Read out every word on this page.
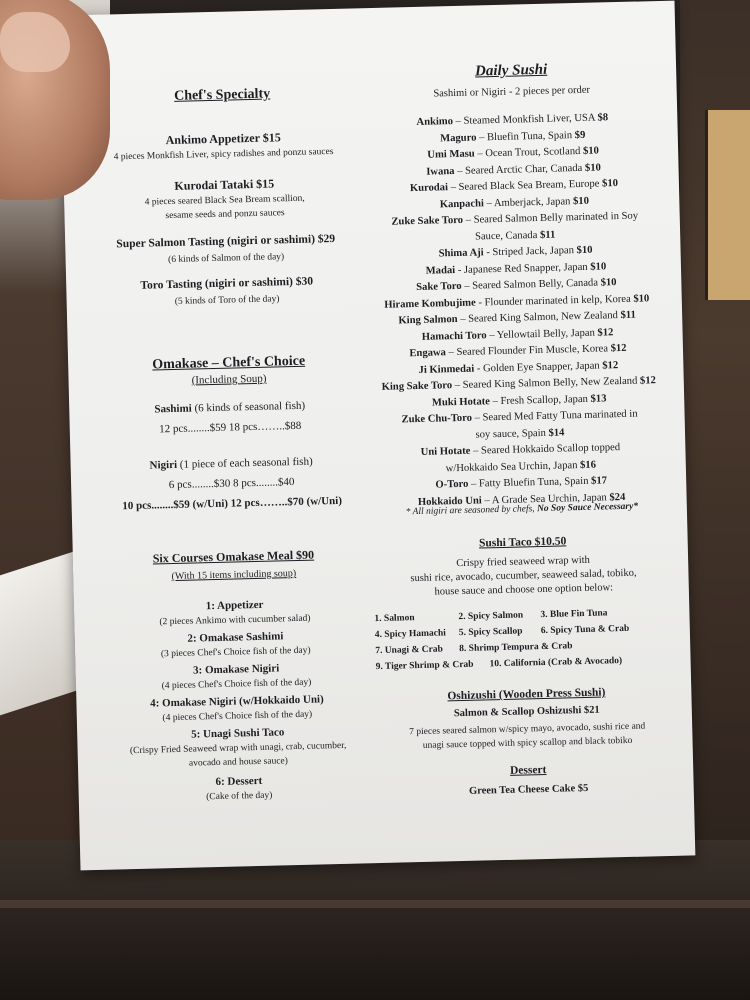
Chef's Specialty
Ankimo Appetizer $15
4 pieces Monkfish Liver, spicy radishes and ponzu sauces
Kurodai Tataki $15
4 pieces seared Black Sea Bream scallion,
sesame seeds and ponzu sauces
Super Salmon Tasting (nigiri or sashimi) $29
(6 kinds of Salmon of the day)
Toro Tasting (nigiri or sashimi) $30
(5 kinds of Toro of the day)
Omakase – Chef's Choice
(Including Soup)
Sashimi (6 kinds of seasonal fish)
12 pcs........$59 18 pcs……..$88
Nigiri (1 piece of each seasonal fish)
6 pcs........$30 8 pcs........$40
10 pcs........$59 (w/Uni) 12 pcs……..$70 (w/Uni)
Six Courses Omakase Meal $90
(With 15 items including soup)
1: Appetizer
(2 pieces Ankimo with cucumber salad)
2: Omakase Sashimi
(3 pieces Chef's Choice fish of the day)
3: Omakase Nigiri
(4 pieces Chef's Choice fish of the day)
4: Omakase Nigiri (w/Hokkaido Uni)
(4 pieces Chef's Choice fish of the day)
5: Unagi Sushi Taco
(Crispy Fried Seaweed wrap with unagi, crab, cucumber,
avocado and house sauce)
6: Dessert
(Cake of the day)
Daily Sushi
Sashimi or Nigiri - 2 pieces per order
Ankimo – Steamed Monkfish Liver, USA $8
Maguro – Bluefin Tuna, Spain $9
Umi Masu – Ocean Trout, Scotland $10
Iwana – Seared Arctic Char, Canada $10
Kurodai – Seared Black Sea Bream, Europe $10
Kanpachi – Amberjack, Japan $10
Zuke Sake Toro – Seared Salmon Belly marinated in Soy
Sauce, Canada $11
Shima Aji - Striped Jack, Japan $10
Madai - Japanese Red Snapper, Japan $10
Sake Toro – Seared Salmon Belly, Canada $10
Hirame Kombujime - Flounder marinated in kelp, Korea $10
King Salmon – Seared King Salmon, New Zealand $11
Hamachi Toro – Yellowtail Belly, Japan $12
Engawa – Seared Flounder Fin Muscle, Korea $12
Ji Kinmedai - Golden Eye Snapper, Japan $12
King Sake Toro – Seared King Salmon Belly, New Zealand $12
Muki Hotate – Fresh Scallop, Japan $13
Zuke Chu-Toro – Seared Med Fatty Tuna marinated in
soy sauce, Spain $14
Uni Hotate – Seared Hokkaido Scallop topped
w/Hokkaido Sea Urchin, Japan $16
O-Toro – Fatty Bluefin Tuna, Spain $17
Hokkaido Uni – A Grade Sea Urchin, Japan $24
* All nigiri are seasoned by chefs, No Soy Sauce Necessary*
Sushi Taco $10.50
Crispy fried seaweed wrap with
sushi rice, avocado, cucumber, seaweed salad, tobiko,
house sauce and choose one option below:
1. Salmon	2. Spicy Salmon 3. Blue Fin Tuna
4. Spicy Hamachi 5. Spicy Scallop 6. Spicy Tuna & Crab
7. Unagi & Crab 8. Shrimp Tempura & Crab
9. Tiger Shrimp & Crab 10. California (Crab & Avocado)
Oshizushi (Wooden Press Sushi)
Salmon & Scallop Oshizushi $21
7 pieces seared salmon w/spicy mayo, avocado, sushi rice and
unagi sauce topped with spicy scallop and black tobiko
Dessert
Green Tea Cheese Cake $5
